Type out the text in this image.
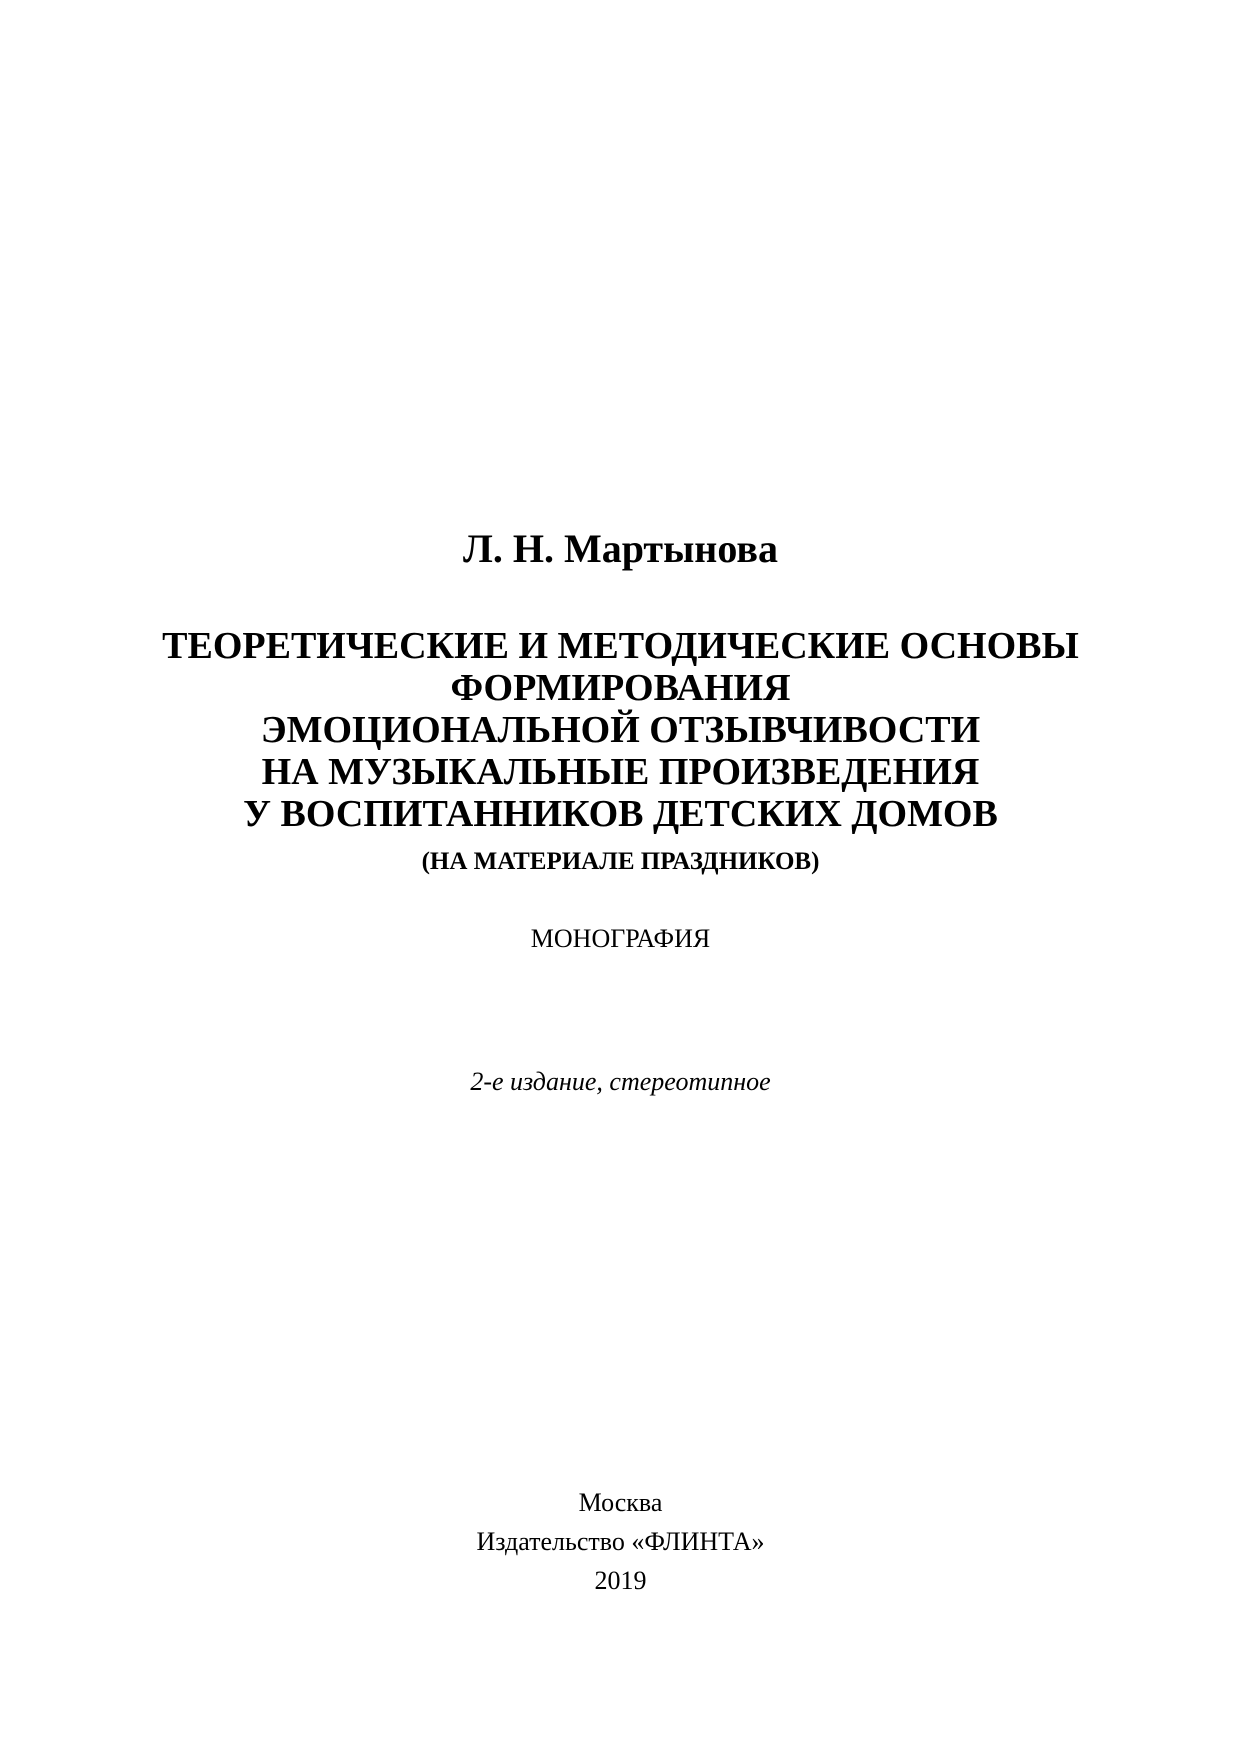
Л. Н. Мартынова
ТЕОРЕТИЧЕСКИЕ И МЕТОДИЧЕСКИЕ ОСНОВЫ
ФОРМИРОВАНИЯ
ЭМОЦИОНАЛЬНОЙ ОТЗЫВЧИВОСТИ
НА МУЗЫКАЛЬНЫЕ ПРОИЗВЕДЕНИЯ
У ВОСПИТАННИКОВ ДЕТСКИХ ДОМОВ

(НА МАТЕРИАЛЕ ПРАЗДНИКОВ)

МОНОГРАФИЯ

2-е издание, стереотипное

Москва
Издательство «ФЛИНТА»
2019
